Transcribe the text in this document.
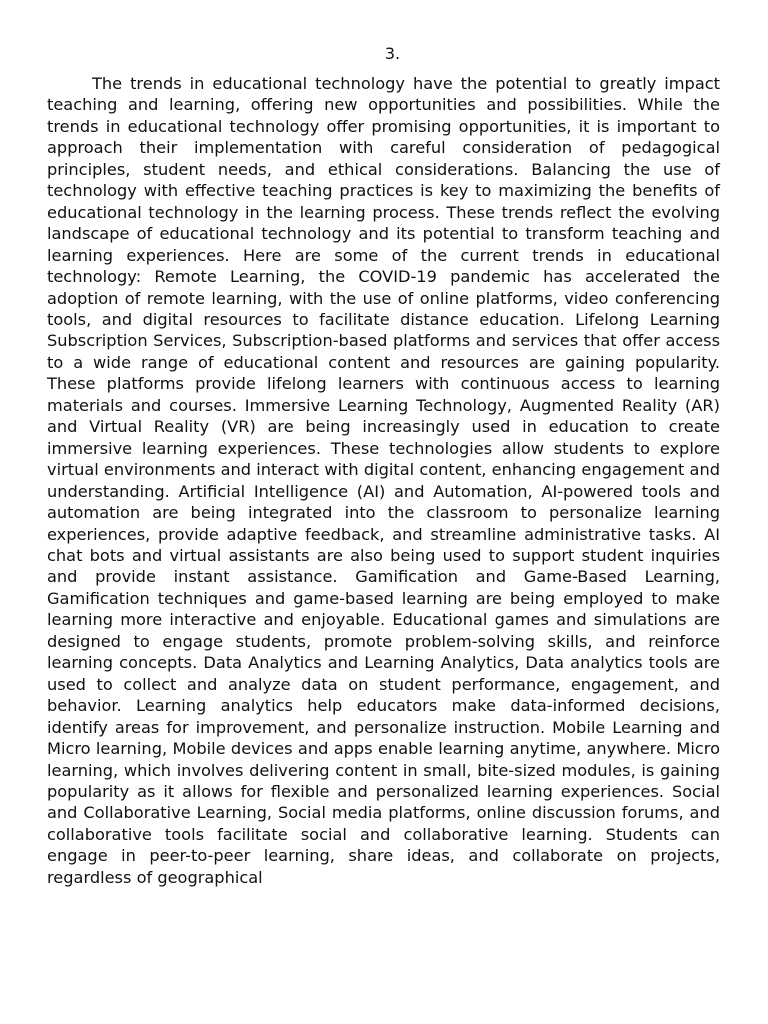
3.

The trends in educational technology have the potential to greatly impact teaching and learning, offering new opportunities and possibilities. While the trends in educational technology offer promising opportunities, it is important to approach their implementation with careful consideration of pedagogical principles, student needs, and ethical considerations. Balancing the use of technology with effective teaching practices is key to maximizing the benefits of educational technology in the learning process. These trends reflect the evolving landscape of educational technology and its potential to transform teaching and learning experiences. Here are some of the current trends in educational technology: Remote Learning, the COVID-19 pandemic has accelerated the adoption of remote learning, with the use of online platforms, video conferencing tools, and digital resources to facilitate distance education. Lifelong Learning Subscription Services, Subscription-based platforms and services that offer access to a wide range of educational content and resources are gaining popularity. These platforms provide lifelong learners with continuous access to learning materials and courses. Immersive Learning Technology, Augmented Reality (AR) and Virtual Reality (VR) are being increasingly used in education to create immersive learning experiences. These technologies allow students to explore virtual environments and interact with digital content, enhancing engagement and understanding. Artificial Intelligence (AI) and Automation, AI-powered tools and automation are being integrated into the classroom to personalize learning experiences, provide adaptive feedback, and streamline administrative tasks. AI chat bots and virtual assistants are also being used to support student inquiries and provide instant assistance. Gamification and Game-Based Learning, Gamification techniques and game-based learning are being employed to make learning more interactive and enjoyable. Educational games and simulations are designed to engage students, promote problem-solving skills, and reinforce learning concepts. Data Analytics and Learning Analytics, Data analytics tools are used to collect and analyze data on student performance, engagement, and behavior. Learning analytics help educators make data-informed decisions, identify areas for improvement, and personalize instruction. Mobile Learning and Micro learning, Mobile devices and apps enable learning anytime, anywhere. Micro learning, which involves delivering content in small, bite-sized modules, is gaining popularity as it allows for flexible and personalized learning experiences. Social and Collaborative Learning, Social media platforms, online discussion forums, and collaborative tools facilitate social and collaborative learning. Students can engage in peer-to-peer learning, share ideas, and collaborate on projects, regardless of geographical
